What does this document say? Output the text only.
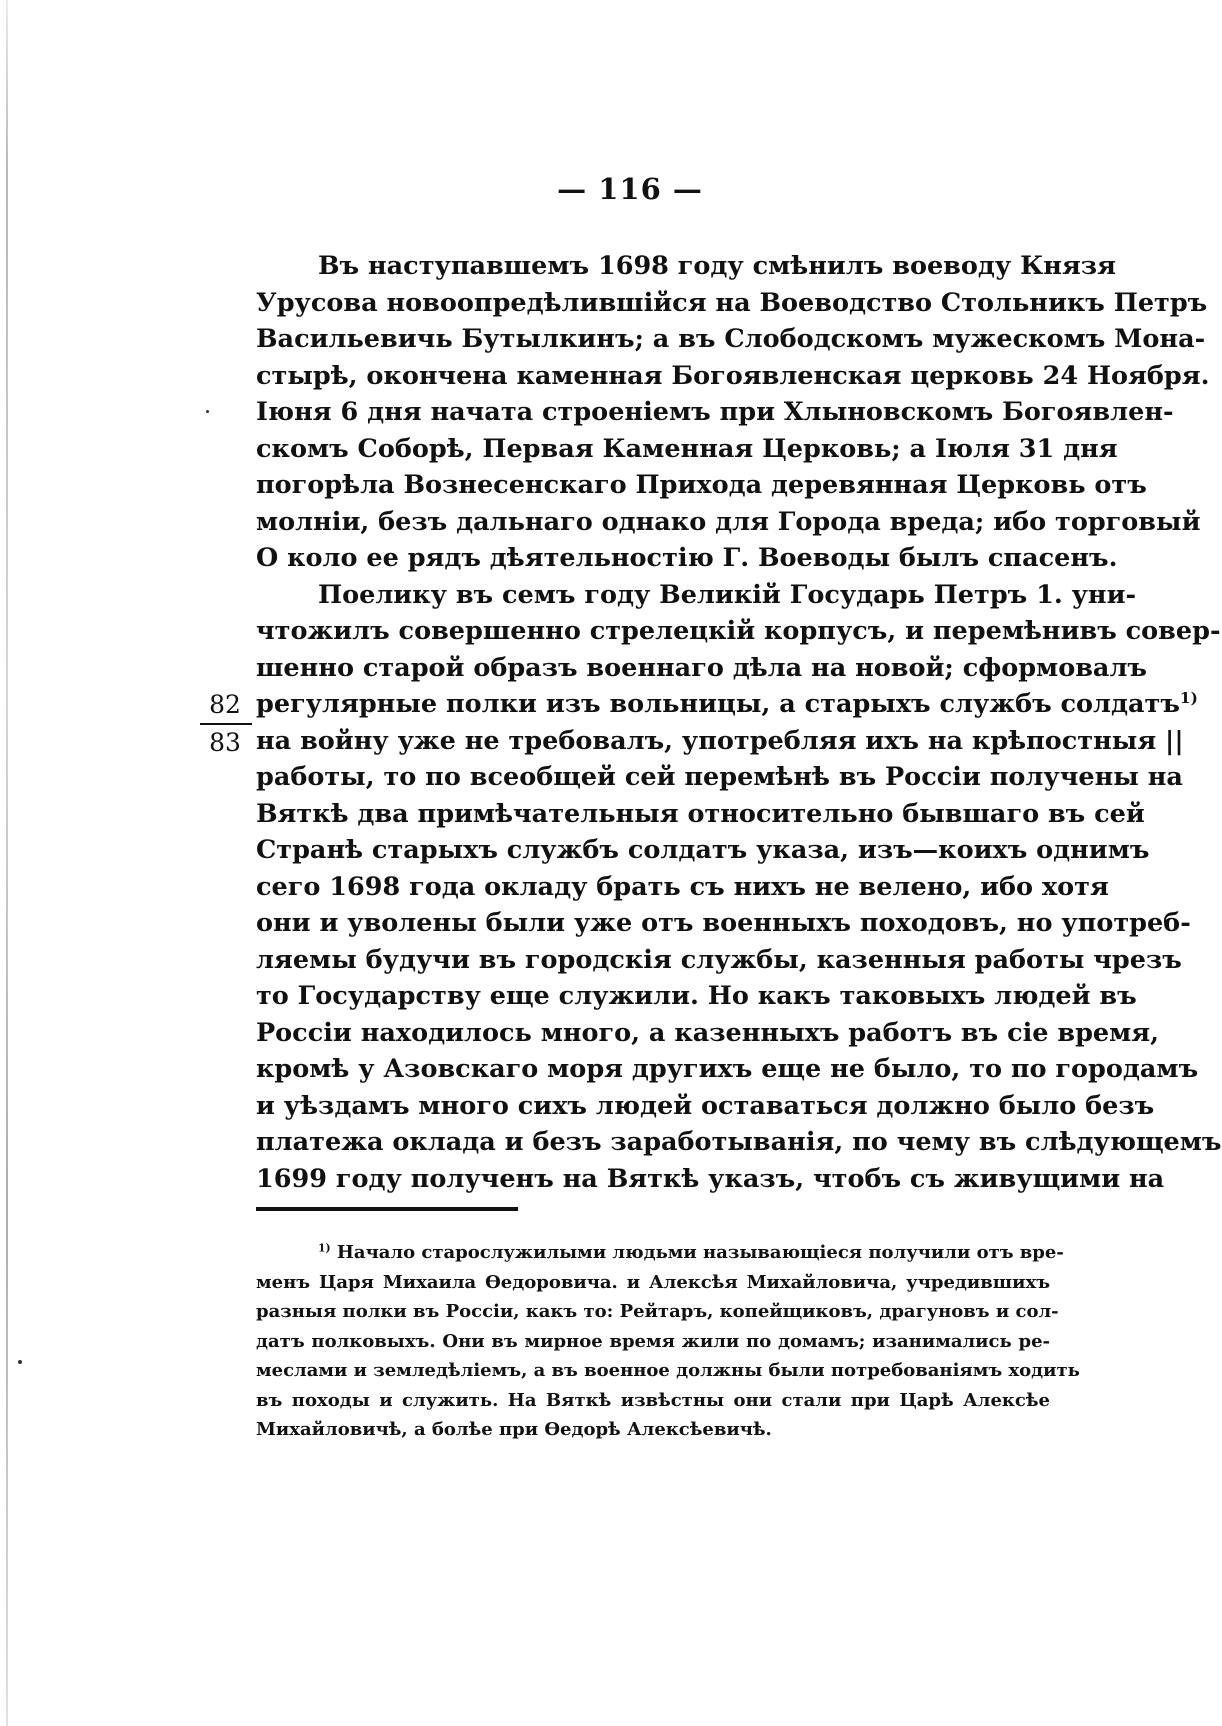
— 116 —
82
83
Въ наступавшемъ 1698 году смѣнилъ воеводу Князя
Урусова новоопредѣлившійся на Воеводство Стольникъ Петръ
Васильевичь Бутылкинъ; а въ Слободскомъ мужескомъ Мона-
стырѣ, окончена каменная Богоявленская церковь 24 Ноября.
Іюня 6 дня начата строеніемъ при Хлыновскомъ Богоявлен-
скомъ Соборѣ, Первая Каменная Церковь; а Іюля 31 дня
погорѣла Вознесенскаго Прихода деревянная Церковь отъ
молніи, безъ дальнаго однако для Города вреда; ибо торговый
О коло ее рядъ дѣятельностію Г. Воеводы былъ спасенъ.
Поелику въ семъ году Великій Государь Петръ 1. уни-
чтожилъ совершенно стрелецкій корпусъ, и перемѣнивъ совер-
шенно старой образъ военнаго дѣла на новой; сформовалъ
регулярные полки изъ вольницы, а старыхъ службъ солдатъ$^{1)}$
на войну уже не требовалъ, употребляя ихъ на крѣпостныя ||
работы, то по всеобщей сей перемѣнѣ въ Россіи получены на
Вяткѣ два примѣчательныя относительно бывшаго въ сей
Странѣ старыхъ службъ солдатъ указа, изъ—коихъ однимъ
сего 1698 года окладу брать съ нихъ не велено, ибо хотя
они и уволены были уже отъ военныхъ походовъ, но употреб-
ляемы будучи въ городскія службы, казенныя работы чрезъ
то Государству еще служили. Но какъ таковыхъ людей въ
Россіи находилось много, а казенныхъ работъ въ сіе время,
кромѣ у Азовскаго моря другихъ еще не было, то по городамъ
и уѣздамъ много сихъ людей оставаться должно было безъ
платежа оклада и безъ заработыванія, по чему въ слѣдующемъ
1699 году полученъ на Вяткѣ указъ, чтобъ съ живущими на
$^{1)}$ Начало старослужилыми людьми называющіеся получили отъ вре-
менъ Царя Михаила Ѳедоровича. и Алексѣя Михайловича, учредившихъ
разныя полки въ Россіи, какъ то: Рейтаръ, копейщиковъ, драгуновъ и сол-
датъ полковыхъ. Они въ мирное время жили по домамъ; изанимались ре-
меслами и земледѣліемъ, а въ военное должны были потребованіямъ ходить
въ походы и служить. На Вяткѣ извѣстны они стали при Царѣ Алексѣе
Михайловичѣ, а болѣе при Ѳедорѣ Алексѣевичѣ.
